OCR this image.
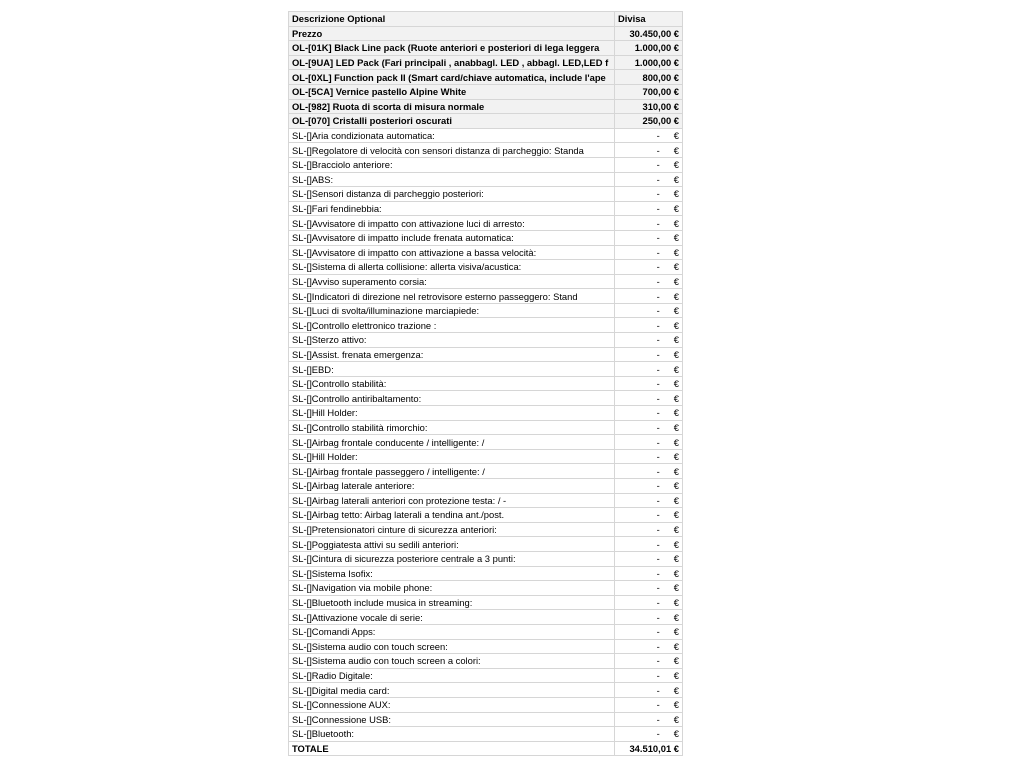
Descrizione Optional	Divisa
Prezzo	30.450,00 €
OL-[01K] Black Line pack (Ruote anteriori e posteriori di lega leggera	1.000,00 €
OL-[9UA] LED Pack (Fari principali , anabbagl. LED , abbagl. LED,LED f	1.000,00 €
OL-[0XL] Function pack II (Smart card/chiave automatica, include l'ape	800,00 €
OL-[5CA] Vernice pastello Alpine White	700,00 €
OL-[982] Ruota di scorta di misura normale	310,00 €
OL-[070] Cristalli posteriori oscurati	250,00 €
SL-[]Aria condizionata automatica:	- €

SL-[]Regolatore di velocità con sensori distanza di parcheggio: Standa	- €

SL-[]Bracciolo anteriore:	- €

SL-[]ABS:	- €

SL-[]Sensori distanza di parcheggio posteriori:	- €

SL-[]Fari fendinebbia:	- €

SL-[]Avvisatore di impatto con attivazione luci di arresto:	- €

SL-[]Avvisatore di impatto include frenata automatica:	- €

SL-[]Avvisatore di impatto con attivazione a bassa velocità:	- €

SL-[]Sistema di allerta collisione: allerta visiva/acustica:	- €

SL-[]Avviso superamento corsia:	- €

SL-[]Indicatori di direzione nel retrovisore esterno passeggero: Stand	- €

SL-[]Luci di svolta/illuminazione marciapiede:	- €

SL-[]Controllo elettronico trazione :	- €

SL-[]Sterzo attivo:	- €

SL-[]Assist. frenata emergenza:	- €

SL-[]EBD:	- €

SL-[]Controllo stabilità:	- €

SL-[]Controllo antiribaltamento:	- €

SL-[]Hill Holder:	- €

SL-[]Controllo stabilità rimorchio:	- €

SL-[]Airbag frontale conducente / intelligente: /	- €

SL-[]Hill Holder:	- €

SL-[]Airbag frontale passeggero / intelligente: /	- €

SL-[]Airbag laterale anteriore:	- €

SL-[]Airbag laterali anteriori con protezione testa: / -	- €

SL-[]Airbag tetto: Airbag laterali a tendina ant./post.	- €

SL-[]Pretensionatori cinture di sicurezza anteriori:	- €

SL-[]Poggiatesta attivi su sedili anteriori:	- €

SL-[]Cintura di sicurezza posteriore centrale a 3 punti:	- €

SL-[]Sistema Isofix:	- €

SL-[]Navigation via mobile phone:	- €

SL-[]Bluetooth include musica in streaming:	- €

SL-[]Attivazione vocale di serie:	- €

SL-[]Comandi Apps:	- €

SL-[]Sistema audio con touch screen:	- €

SL-[]Sistema audio con touch screen a colori:	- €

SL-[]Radio Digitale:	- €

SL-[]Digital media card:	- €

SL-[]Connessione AUX:	- €

SL-[]Connessione USB:	- €

SL-[]Bluetooth:	- €

TOTALE	34.510,01 €
